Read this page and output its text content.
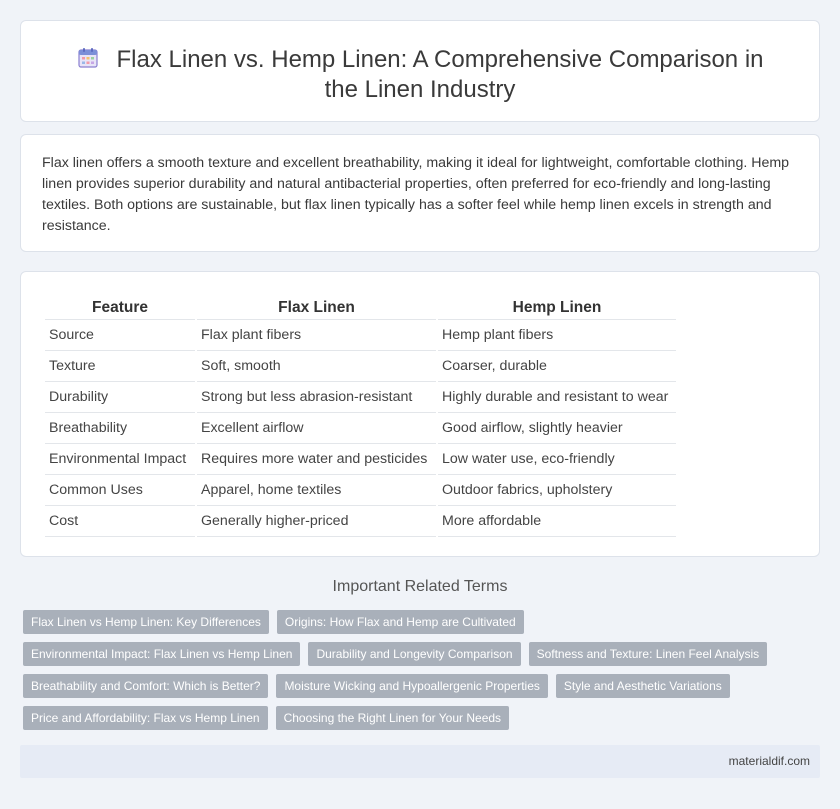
Flax Linen vs. Hemp Linen: A Comprehensive Comparison in the Linen Industry

Flax linen offers a smooth texture and excellent breathability, making it ideal for lightweight, comfortable clothing. Hemp linen provides superior durability and natural antibacterial properties, often preferred for eco-friendly and long-lasting textiles. Both options are sustainable, but flax linen typically has a softer feel while hemp linen excels in strength and resistance.

Feature	Flax Linen	Hemp Linen
Source	Flax plant fibers	Hemp plant fibers
Texture	Soft, smooth	Coarser, durable
Durability	Strong but less abrasion-resistant	Highly durable and resistant to wear
Breathability	Excellent airflow	Good airflow, slightly heavier
Environmental Impact	Requires more water and pesticides	Low water use, eco-friendly
Common Uses	Apparel, home textiles	Outdoor fabrics, upholstery
Cost	Generally higher-priced	More affordable
Important Related Terms
Flax Linen vs Hemp Linen: Key Differences	Origins: How Flax and Hemp are Cultivated
Environmental Impact: Flax Linen vs Hemp Linen	Durability and Longevity Comparison	Softness and Texture: Linen Feel Analysis
Breathability and Comfort: Which is Better?	Moisture Wicking and Hypoallergenic Properties	Style and Aesthetic Variations
Price and Affordability: Flax vs Hemp Linen	Choosing the Right Linen for Your Needs
materialdif.com
